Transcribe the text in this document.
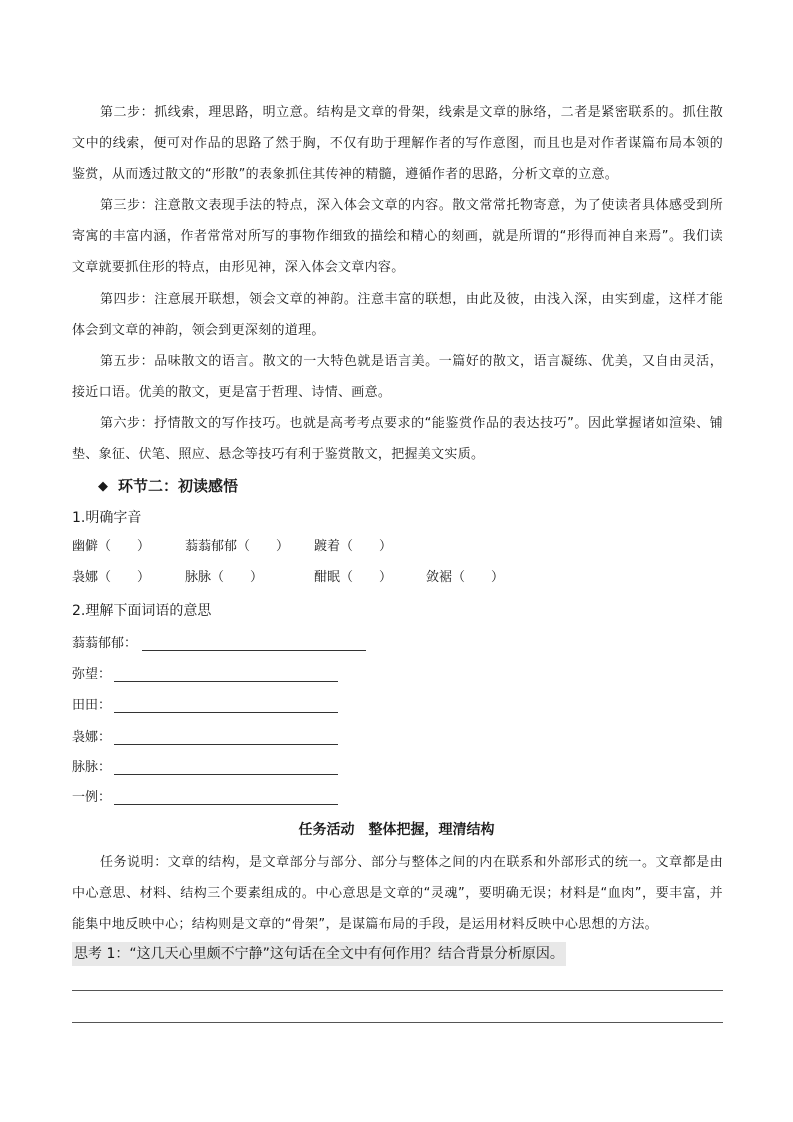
第二步：抓线索，理思路，明立意。结构是文章的骨架，线索是文章的脉络，二者是紧密联系的。抓住散文中的线索，便可对作品的思路了然于胸，不仅有助于理解作者的写作意图，而且也是对作者谋篇布局本领的鉴赏，从而透过散文的“形散”的表象抓住其传神的精髓，遵循作者的思路，分析文章的立意。

第三步：注意散文表现手法的特点，深入体会文章的内容。散文常常托物寄意，为了使读者具体感受到所寄寓的丰富内涵，作者常常对所写的事物作细致的描绘和精心的刻画，就是所谓的“形得而神自来焉”。我们读文章就要抓住形的特点，由形见神，深入体会文章内容。

第四步：注意展开联想，领会文章的神韵。注意丰富的联想，由此及彼，由浅入深，由实到虚，这样才能体会到文章的神韵，领会到更深刻的道理。

第五步：品味散文的语言。散文的一大特色就是语言美。一篇好的散文，语言凝练、优美，又自由灵活，接近口语。优美的散文，更是富于哲理、诗情、画意。

第六步：抒情散文的写作技巧。也就是高考考点要求的“能鉴赏作品的表达技巧”。因此掌握诸如渲染、铺垫、象征、伏笔、照应、悬念等技巧有利于鉴赏散文，把握美文实质。

◆ 环节二：初读感悟
1.明确字音
幽僻（　　）	蓊蓊郁郁（　　） 踱着（　　）
袅娜（　　）	脉脉（　　）	酣眠（　　）	敛裾（　　）
2.理解下面词语的意思
蓊蓊郁郁：
弥望：
田田：
袅娜：
脉脉：
一例：
任务活动　整体把握，理清结构

任务说明：文章的结构，是文章部分与部分、部分与整体之间的内在联系和外部形式的统一。文章都是由中心意思、材料、结构三个要素组成的。中心意思是文章的“灵魂”，要明确无误；材料是“血肉”，要丰富，并能集中地反映中心；结构则是文章的“骨架”，是谋篇布局的手段，是运用材料反映中心思想的方法。

思考 1：“这几天心里颇不宁静”这句话在全文中有何作用？结合背景分析原因。
